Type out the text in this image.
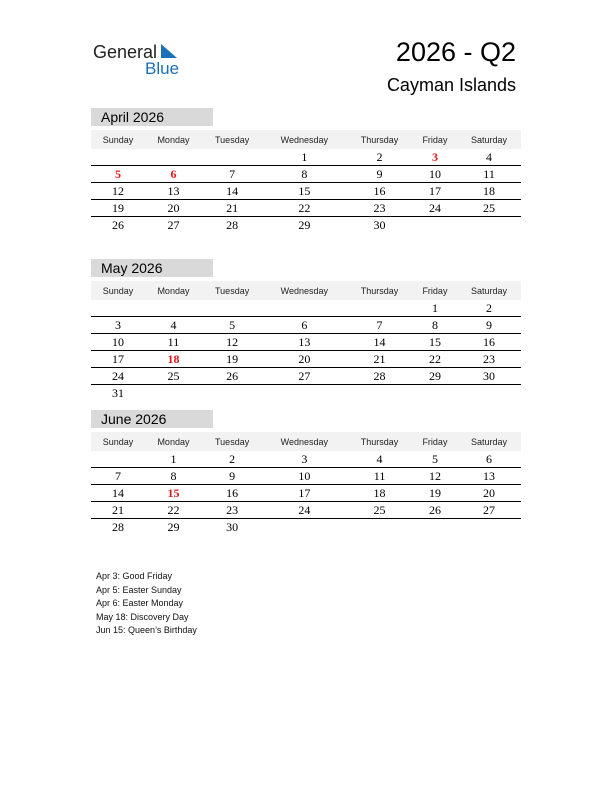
General
Blue
2026 - Q2
Cayman Islands
April 2026
Sunday	Monday	Tuesday	Wednesday	Thursday	Friday	Saturday
			1	2	3	4
5	6	7	8	9	10	11
12	13	14	15	16	17	18
19	20	21	22	23	24	25
26	27	28	29	30		
May 2026
Sunday	Monday	Tuesday	Wednesday	Thursday	Friday	Saturday
					1	2
3	4	5	6	7	8	9
10	11	12	13	14	15	16
17	18	19	20	21	22	23
24	25	26	27	28	29	30
31						
June 2026
Sunday	Monday	Tuesday	Wednesday	Thursday	Friday	Saturday
	1	2	3	4	5	6
7	8	9	10	11	12	13
14	15	16	17	18	19	20
21	22	23	24	25	26	27
28	29	30				
Apr 3: Good Friday
Apr 5: Easter Sunday
Apr 6: Easter Monday
May 18: Discovery Day
Jun 15: Queen’s Birthday
